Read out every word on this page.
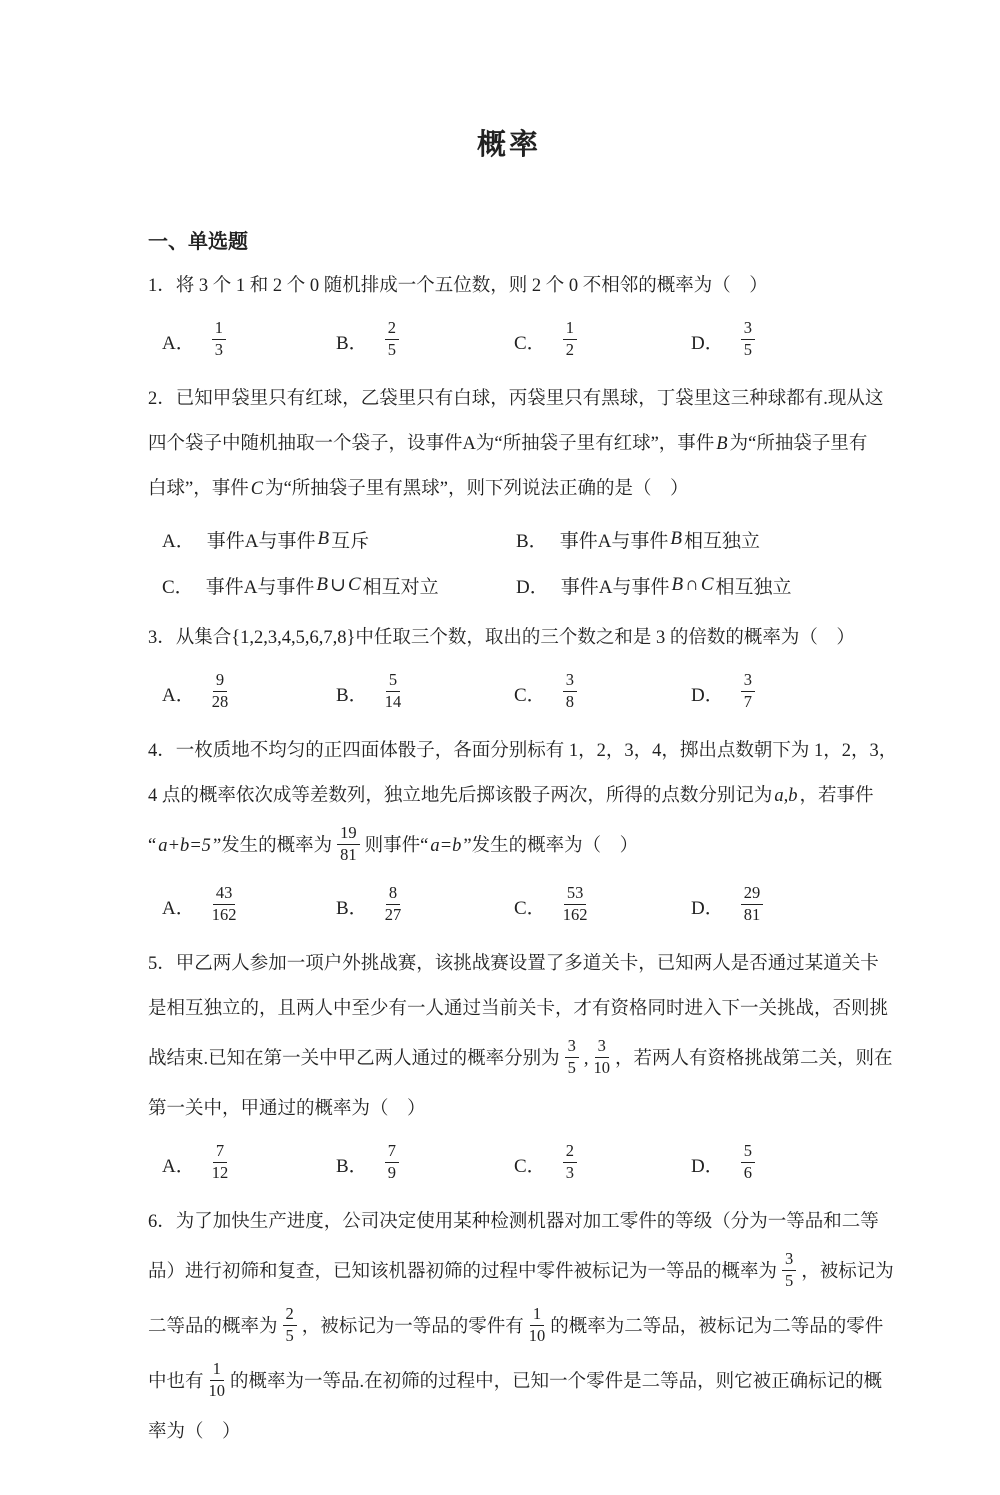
概率
一、单选题
1．将 3 个 1 和 2 个 0 随机排成一个五位数，则 2 个 0 不相邻的概率为（　）
A． $\frac{1}{3}$	B． $\frac{2}{5}$	C． $\frac{1}{2}$	D． $\frac{3}{5}$
2．已知甲袋里只有红球，乙袋里只有白球，丙袋里只有黑球，丁袋里这三种球都有.现从这
四个袋子中随机抽取一个袋子，设事件A为“所抽袋子里有红球”，事件 B 为“所抽袋子里有
白球”，事件 C 为“所抽袋子里有黑球”，则下列说法正确的是（　）
A． 事件A与事件 B 互斥	B． 事件A与事件 B 相互独立
C． 事件A与事件 B ∪ C 相互对立	D． 事件A与事件 B ∩ C 相互独立
3．从集合{1,2,3,4,5,6,7,8}中任取三个数，取出的三个数之和是 3 的倍数的概率为（　）
A． $\frac{9}{28}$	B． $\frac{5}{14}$	C． $\frac{3}{8}$	D． $\frac{3}{7}$
4．一枚质地不均匀的正四面体骰子，各面分别标有 1，2，3，4，掷出点数朝下为 1，2，3，
4 点的概率依次成等差数列，独立地先后掷该骰子两次，所得的点数分别记为 a,b ，若事件
“ a+b=5 ”发生的概率为 $\frac{19}{81}$ 则事件“ a=b ”发生的概率为（　）
A． $\frac{43}{162}$	B． $\frac{8}{27}$	C． $\frac{53}{162}$	D． $\frac{29}{81}$
5．甲乙两人参加一项户外挑战赛，该挑战赛设置了多道关卡，已知两人是否通过某道关卡
是相互独立的，且两人中至少有一人通过当前关卡，才有资格同时进入下一关挑战，否则挑
战结束.已知在第一关中甲乙两人通过的概率分别为 $\frac{3}{5}$ , $\frac{3}{10}$ ，若两人有资格挑战第二关，则在
第一关中，甲通过的概率为（　）
A． $\frac{7}{12}$	B． $\frac{7}{9}$	C． $\frac{2}{3}$	D． $\frac{5}{6}$
6．为了加快生产进度，公司决定使用某种检测机器对加工零件的等级（分为一等品和二等
品）进行初筛和复查，已知该机器初筛的过程中零件被标记为一等品的概率为 $\frac{3}{5}$ ，被标记为
二等品的概率为 $\frac{2}{5}$ ，被标记为一等品的零件有 $\frac{1}{10}$ 的概率为二等品，被标记为二等品的零件
中也有 $\frac{1}{10}$ 的概率为一等品.在初筛的过程中，已知一个零件是二等品，则它被正确标记的概
率为（　）
